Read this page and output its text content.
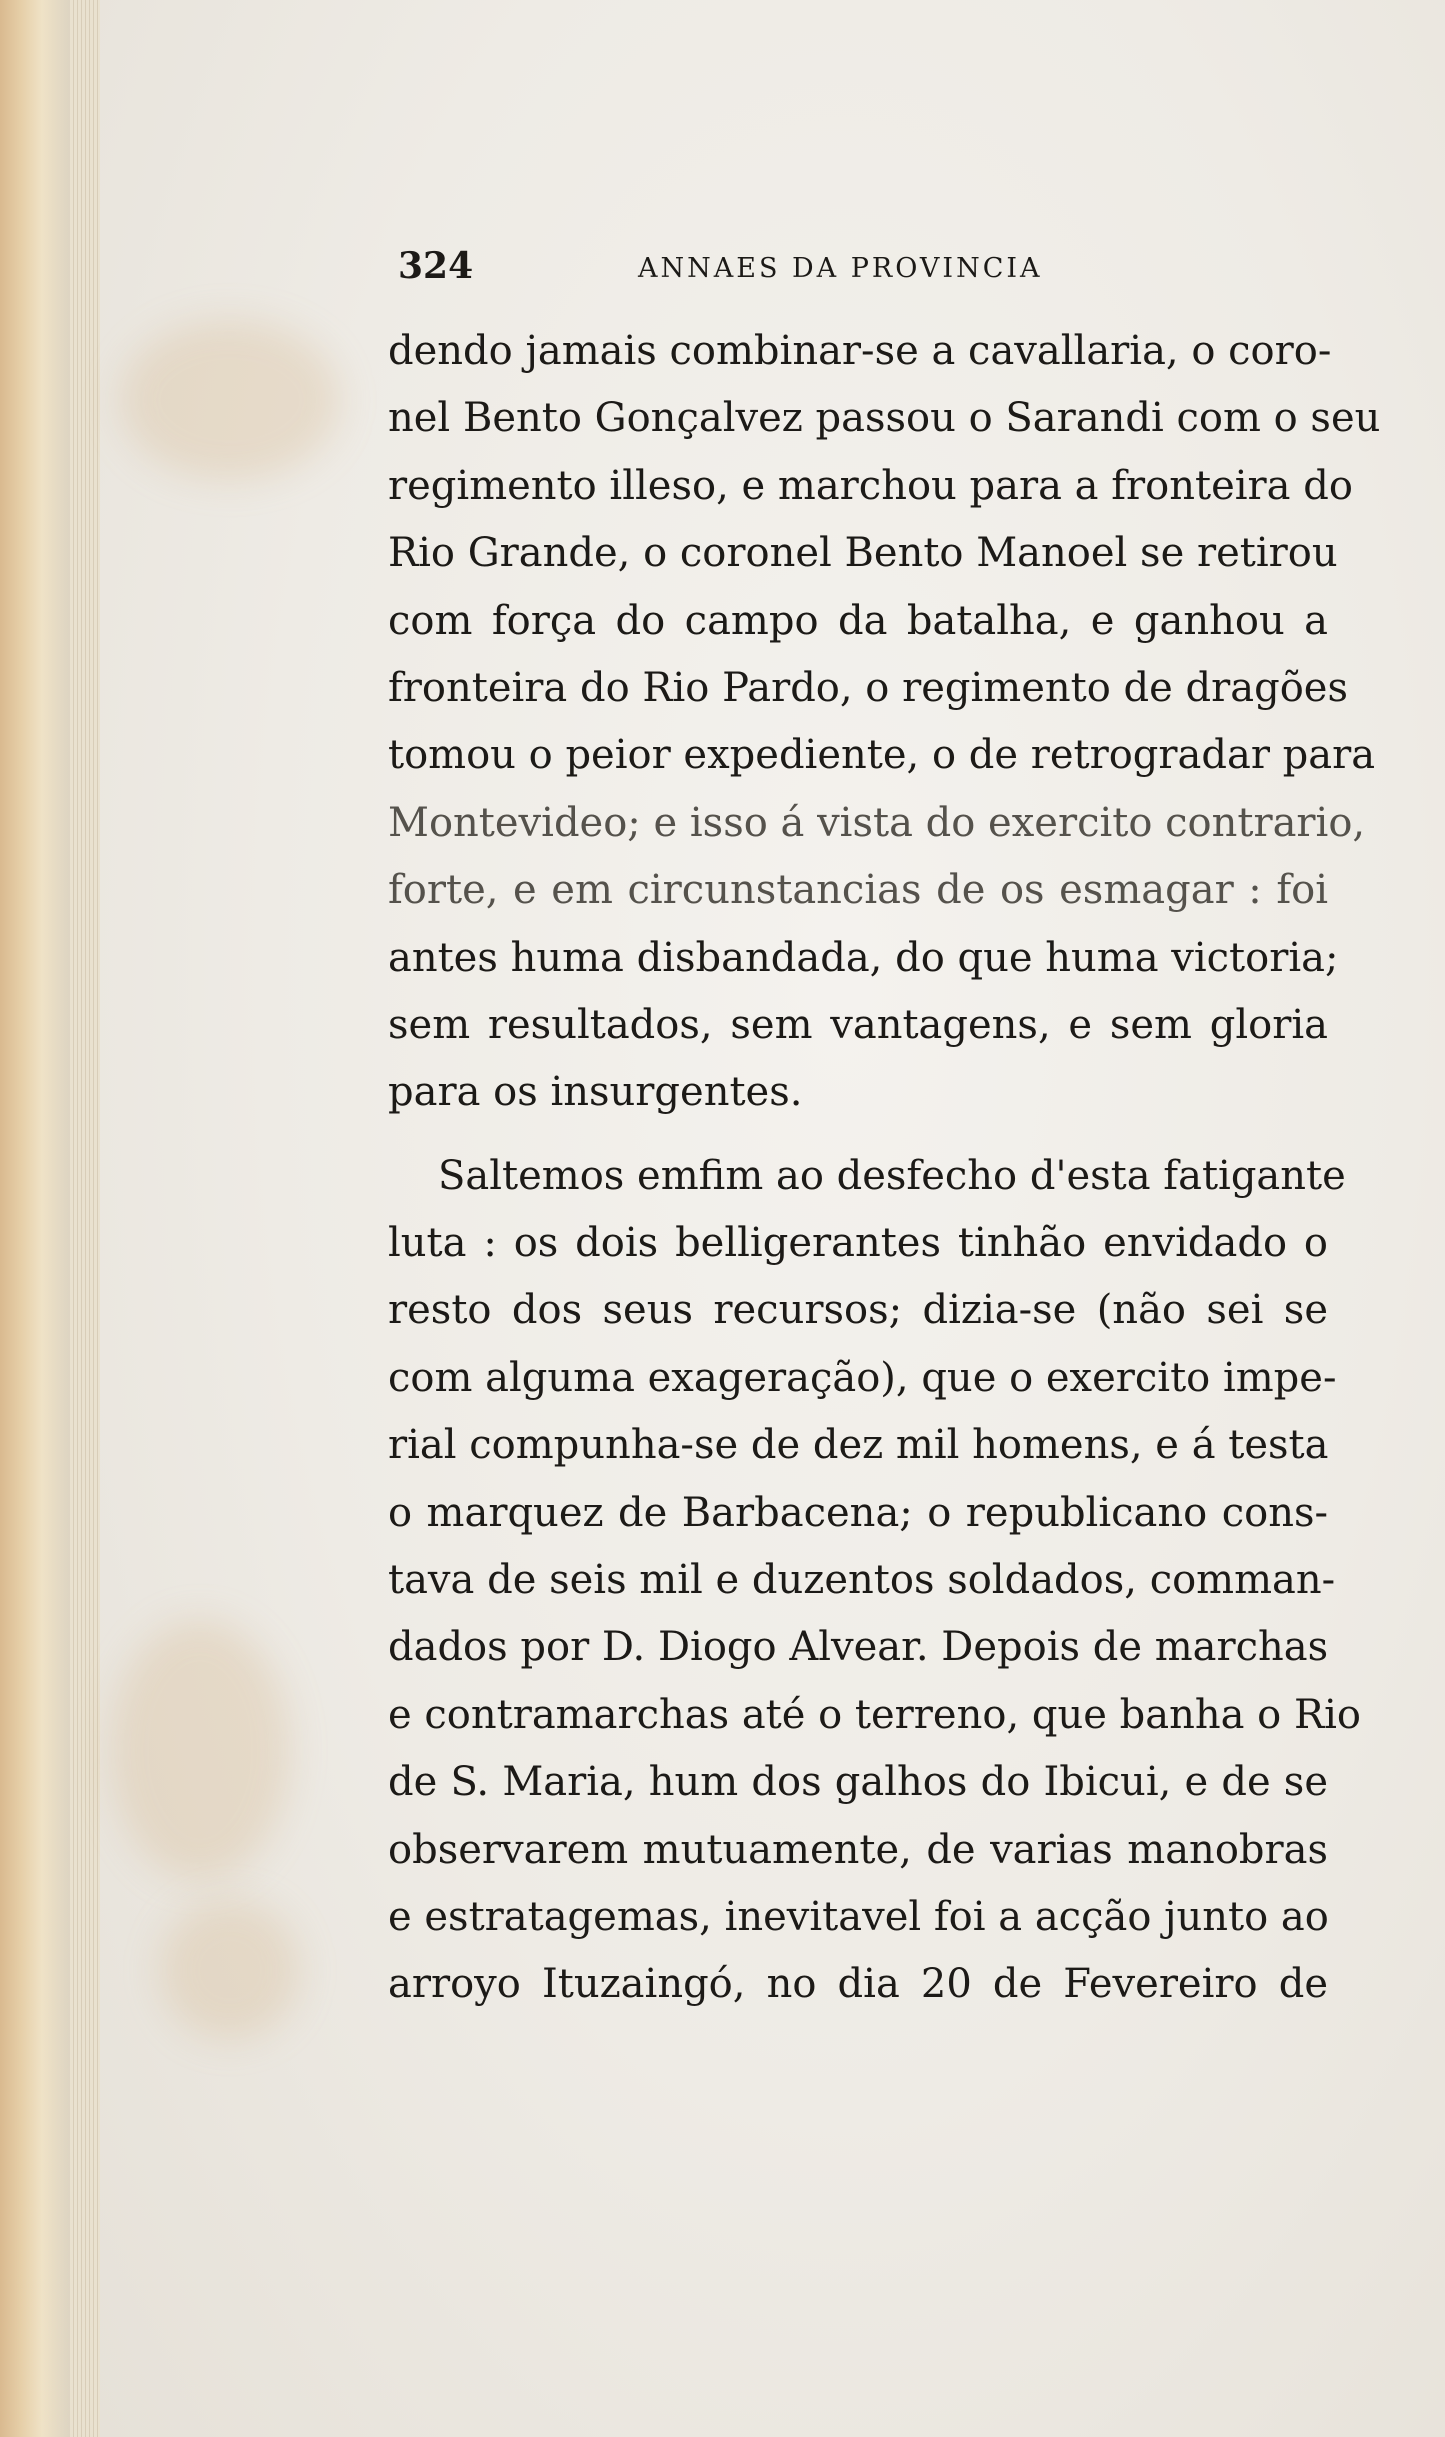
324	ANNAES DA PROVINCIA
dendo jamais combinar-se a cavallaria, o coro-
nel Bento Gonçalvez passou o Sarandi com o seu
regimento illeso, e marchou para a fronteira do
Rio Grande, o coronel Bento Manoel se retirou
com força do campo da batalha, e ganhou a
fronteira do Rio Pardo, o regimento de dragões
tomou o peior expediente, o de retrogradar para
Montevideo; e isso á vista do exercito contrario,
forte, e em circunstancias de os esmagar : foi
antes huma disbandada, do que huma victoria;
sem resultados, sem vantagens, e sem gloria
para os insurgentes.
Saltemos emfim ao desfecho d'esta fatigante
luta : os dois belligerantes tinhão envidado o
resto dos seus recursos; dizia-se (não sei se
com alguma exageração), que o exercito impe-
rial compunha-se de dez mil homens, e á testa
o marquez de Barbacena; o republicano cons-
tava de seis mil e duzentos soldados, comman-
dados por D. Diogo Alvear. Depois de marchas
e contramarchas até o terreno, que banha o Rio
de S. Maria, hum dos galhos do Ibicui, e de se
observarem mutuamente, de varias manobras
e estratagemas, inevitavel foi a acção junto ao
arroyo Ituzaingó, no dia 20 de Fevereiro de
